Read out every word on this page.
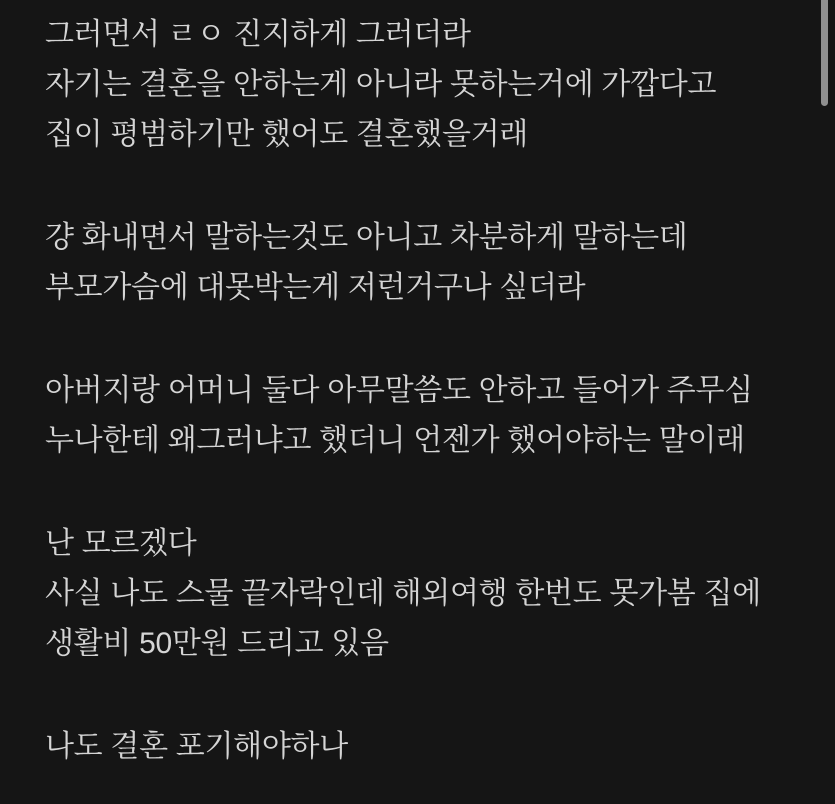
그러면서 ㄹㅇ 진지하게 그러더라
자기는 결혼을 안하는게 아니라 못하는거에 가깝다고
집이 평범하기만 했어도 결혼했을거래
걍 화내면서 말하는것도 아니고 차분하게 말하는데
부모가슴에 대못박는게 저런거구나 싶더라
아버지랑 어머니 둘다 아무말씀도 안하고 들어가 주무심
누나한테 왜그러냐고 했더니 언젠가 했어야하는 말이래
난 모르겠다
사실 나도 스물 끝자락인데 해외여행 한번도 못가봄 집에
생활비 50만원 드리고 있음
나도 결혼 포기해야하나
